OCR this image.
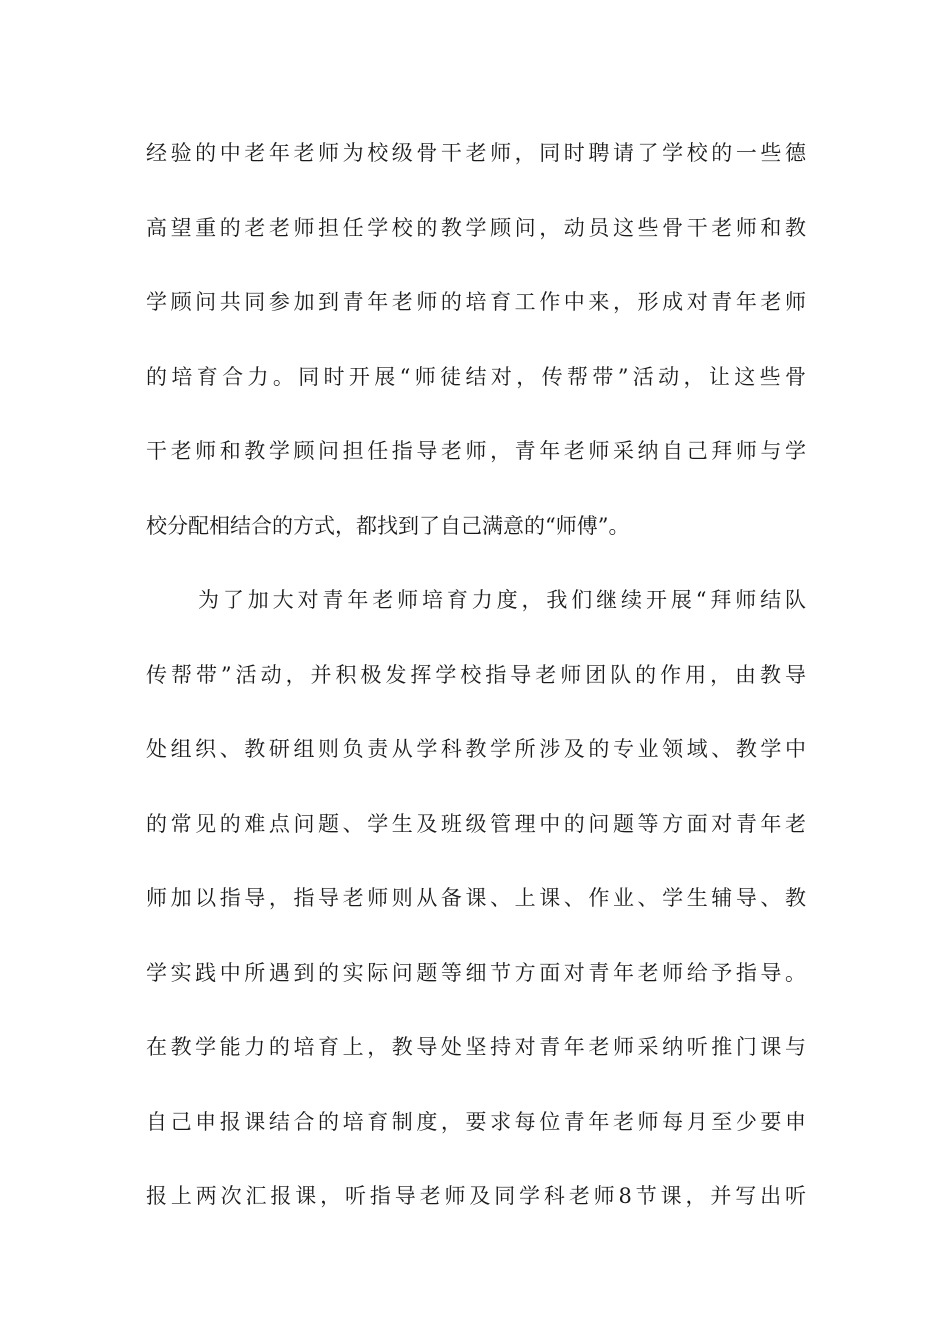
经验的中老年老师为校级骨干老师，同时聘请了学校的一些德
高望重的老老师担任学校的教学顾问，动员这些骨干老师和教
学顾问共同参加到青年老师的培育工作中来，形成对青年老师
的培育合力。同时开展“师徒结对，传帮带”活动，让这些骨
干老师和教学顾问担任指导老师，青年老师采纳自己拜师与学
校分配相结合的方式，都找到了自己满意的“师傅”。
为了加大对青年老师培育力度，我们继续开展“拜师结队
传帮带”活动，并积极发挥学校指导老师团队的作用，由教导
处组织、教研组则负责从学科教学所涉及的专业领域、教学中
的常见的难点问题、学生及班级管理中的问题等方面对青年老
师加以指导，指导老师则从备课、上课、作业、学生辅导、教
学实践中所遇到的实际问题等细节方面对青年老师给予指导。
在教学能力的培育上，教导处坚持对青年老师采纳听推门课与
自己申报课结合的培育制度，要求每位青年老师每月至少要申
报上两次汇报课，听指导老师及同学科老师8节课，并写出听
